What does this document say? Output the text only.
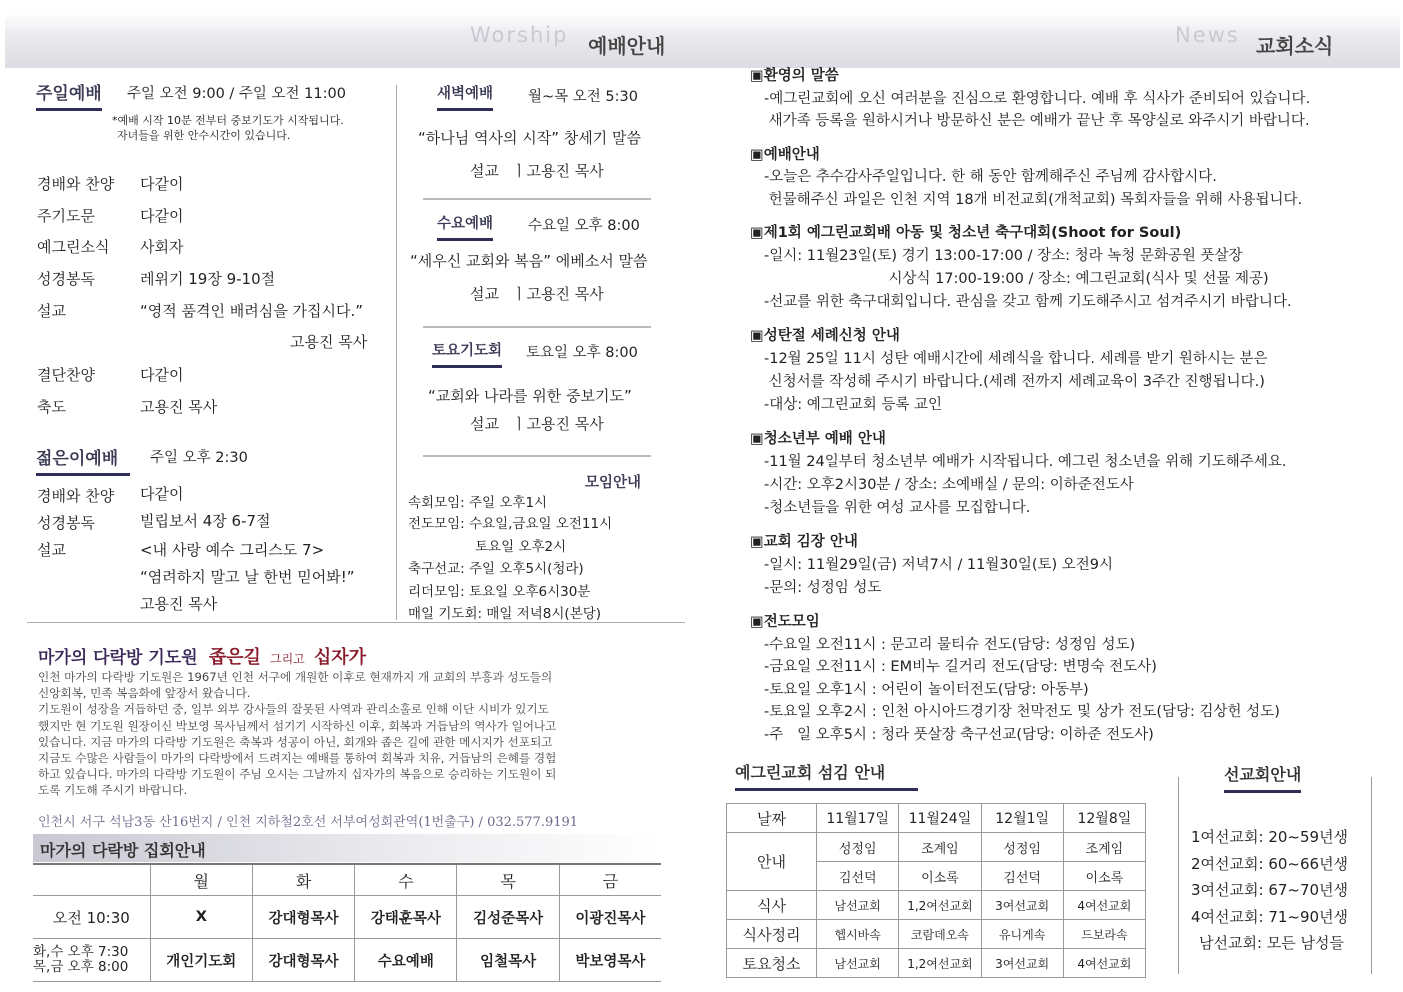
Worship 예배안내	News 교회소식
주일예배 주일 오전 9:00 / 주일 오전 11:00
*예배 시작 10분 전부터 중보기도가 시작됩니다.
자녀들을 위한 안수시간이 있습니다.
경배와 찬양 다같이
주기도문	다같이
예그린소식 사회자
성경봉독	레위기 19장 9-10절
설교	“영적 품격인 배려심을 가집시다.”
고용진 목사
결단찬양	다같이
축도	고용진 목사
젊은이예배	주일 오후 2:30
경배와 찬양 다같이
성경봉독	빌립보서 4장 6-7절
설교	<내 사랑 예수 그리스도 7>
“염려하지 말고 날 한번 믿어봐!”
고용진 목사
새벽예배 월~목 오전 5:30
“하나님 역사의 시작” 창세기 말씀
설교 ㅣ고용진 목사
수요예배 수요일 오후 8:00
“세우신 교회와 복음” 에베소서 말씀
설교 ㅣ고용진 목사
토요기도회 토요일 오후 8:00
“교회와 나라를 위한 중보기도”
설교 ㅣ고용진 목사
모임안내
속회모임: 주일 오후1시
전도모임: 수요일,금요일 오전11시
토요일 오후2시
축구선교: 주일 오후5시(청라)
리더모임: 토요일 오후6시30분
매일 기도회: 매일 저녁8시(본당)
마가의 다락방 기도원 좁은길 그리고 십자가
인천 마가의 다락방 기도원은 1967년 인천 서구에 개원한 이후로 현재까지 개 교회의 부흥과 성도들의
신앙회복, 민족 복음화에 앞장서 왔습니다.
기도원이 성장을 거듭하던 중, 일부 외부 강사들의 잘못된 사역과 관리소홀로 인해 이단 시비가 있기도
했지만 현 기도원 원장이신 박보영 목사님께서 섬기기 시작하신 이후, 회복과 거듭남의 역사가 일어나고
있습니다. 지금 마가의 다락방 기도원은 축복과 성공이 아닌, 회개와 좁은 길에 관한 메시지가 선포되고
지금도 수많은 사람들이 마가의 다락방에서 드려지는 예배를 통하여 회복과 치유, 거듭남의 은혜를 경험
하고 있습니다. 마가의 다락방 기도원이 주님 오시는 그날까지 십자가의 복음으로 승리하는 기도원이 되
도록 기도해 주시기 바랍니다.
인천시 서구 석남3동 산16번지 / 인천 지하철2호선 서부여성회관역(1번출구) / 032.577.9191
마가의 다락방 집회안내
	월	화	수	목	금
오전 10:30	X	강대형목사	강태훈목사	김성준목사	이광진목사

화,수 오후 7:30
목,금 오후 8:00	개인기도회	강대형목사	수요예배	임철목사	박보영목사
▣환영의 말씀
-예그린교회에 오신 여러분을 진심으로 환영합니다. 예배 후 식사가 준비되어 있습니다.
새가족 등록을 원하시거나 방문하신 분은 예배가 끝난 후 목양실로 와주시기 바랍니다.
▣예배안내
-오늘은 추수감사주일입니다. 한 해 동안 함께해주신 주님께 감사합시다.
헌물해주신 과일은 인천 지역 18개 비전교회(개척교회) 목회자들을 위해 사용됩니다.
▣제1회 예그린교회배 아동 및 청소년 축구대회(Shoot for Soul)
-일시: 11월23일(토) 경기 13:00-17:00 / 장소: 청라 녹청 문화공원 풋살장
시상식 17:00-19:00 / 장소: 예그린교회(식사 및 선물 제공)
-선교를 위한 축구대회입니다. 관심을 갖고 함께 기도해주시고 섬겨주시기 바랍니다.
▣성탄절 세례신청 안내
-12월 25일 11시 성탄 예배시간에 세례식을 합니다. 세례를 받기 원하시는 분은
신청서를 작성해 주시기 바랍니다.(세례 전까지 세례교육이 3주간 진행됩니다.)
-대상: 예그린교회 등록 교인
▣청소년부 예배 안내
-11월 24일부터 청소년부 예배가 시작됩니다. 예그린 청소년을 위해 기도해주세요.
-시간: 오후2시30분 / 장소: 소예배실 / 문의: 이하준전도사
-청소년들을 위한 여성 교사를 모집합니다.
▣교회 김장 안내
-일시: 11월29일(금) 저녁7시 / 11월30일(토) 오전9시
-문의: 성정임 성도
▣전도모임
-수요일 오전11시 : 문고리 물티슈 전도(담당: 성정임 성도)
-금요일 오전11시 : EM비누 길거리 전도(담당: 변명숙 전도사)
-토요일 오후1시 : 어린이 놀이터전도(담당: 아동부)
-토요일 오후2시 : 인천 아시아드경기장 천막전도 및 상가 전도(담당: 김상헌 성도)
-주   일 오후5시 : 청라 풋살장 축구선교(담당: 이하준 전도사)
예그린교회 섬김 안내
날짜	11월17일	11월24일	12월1일	12월8일
안내	성정임	조계임	성정임	조계임
	김선덕	이소록	김선덕	이소록
식사	남선교회	1,2여선교회	3여선교회	4여선교회
식사정리	헵시바속	코람데오속	유니게속	드보라속
토요청소	남선교회	1,2여선교회	3여선교회	4여선교회
선교회안내
1여선교회: 20~59년생
2여선교회: 60~66년생
3여선교회: 67~70년생
4여선교회: 71~90년생
남선교회: 모든 남성들
